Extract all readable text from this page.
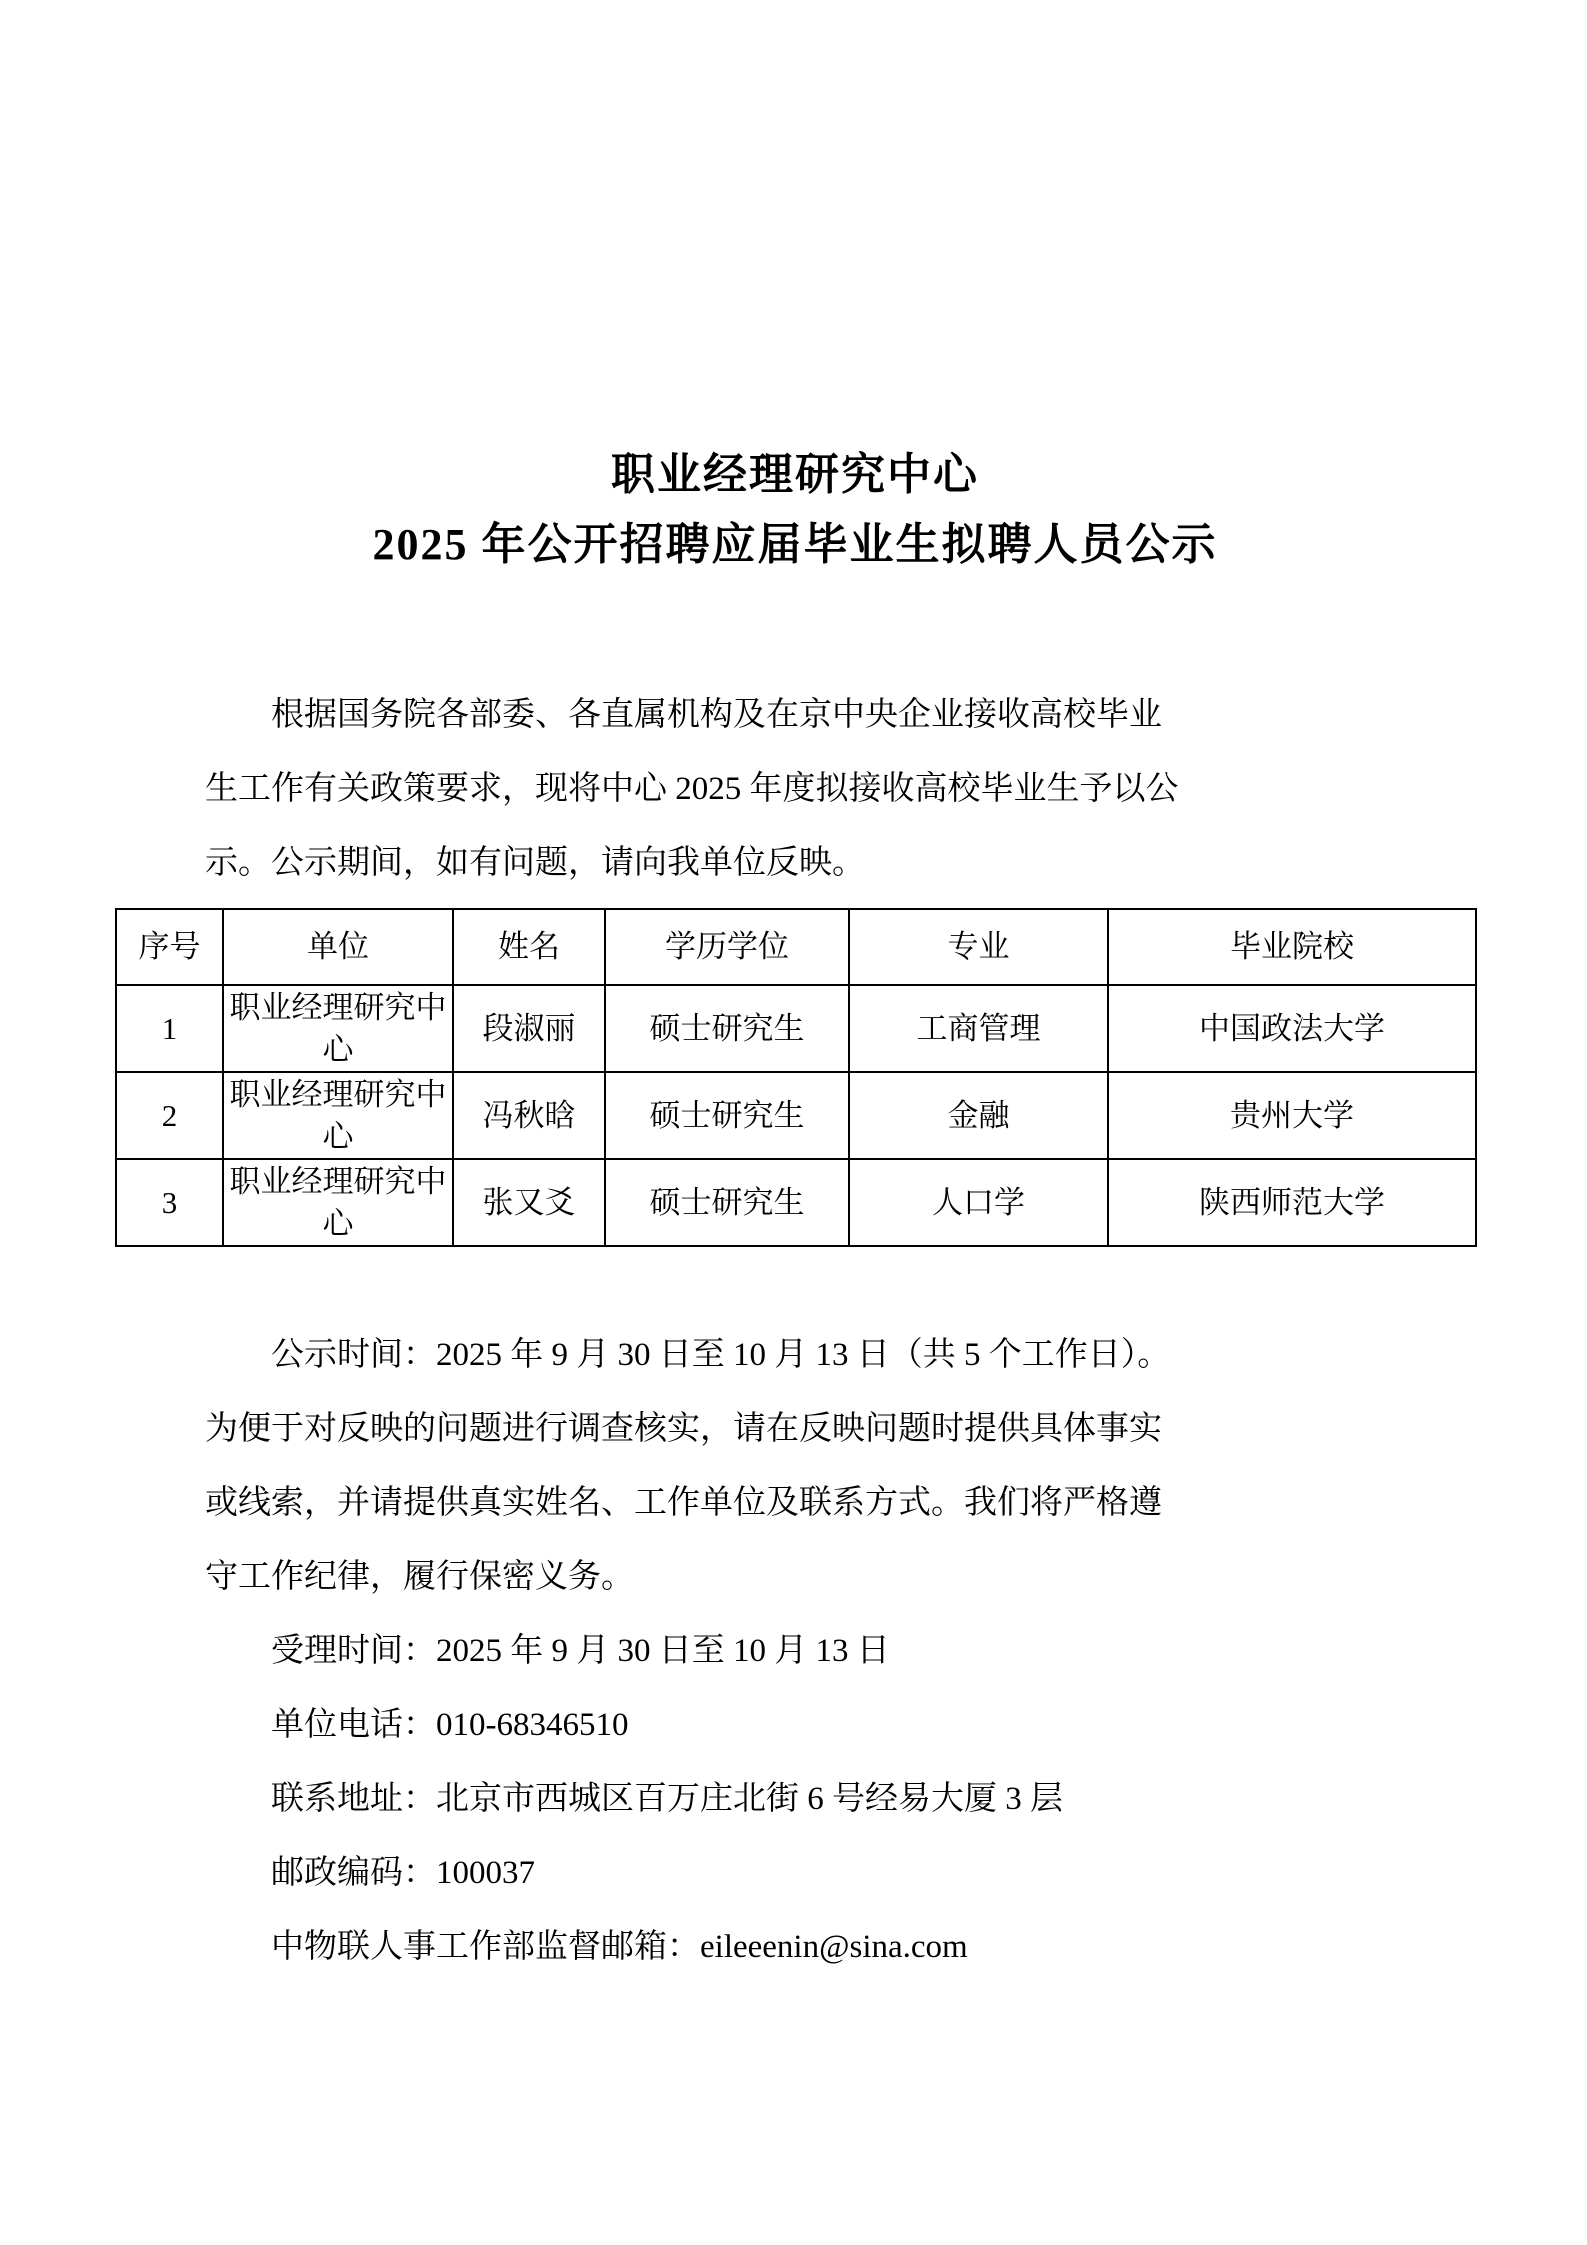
职业经理研究中心
2025 年公开招聘应届毕业生拟聘人员公示

根据国务院各部委、各直属机构及在京中央企业接收高校毕业

生工作有关政策要求，现将中心 2025 年度拟接收高校毕业生予以公

示。公示期间，如有问题，请向我单位反映。

序号	单位	姓名	学历学位	专业	毕业院校
1	职业经理研究中心	段淑丽	硕士研究生	工商管理	中国政法大学
2	职业经理研究中心	冯秋晗	硕士研究生	金融	贵州大学
3	职业经理研究中心	张又爻	硕士研究生	人口学	陕西师范大学

公示时间：2025 年 9 月 30 日至 10 月 13 日（共 5 个工作日）。

为便于对反映的问题进行调查核实，请在反映问题时提供具体事实

或线索，并请提供真实姓名、工作单位及联系方式。我们将严格遵

守工作纪律，履行保密义务。

受理时间：2025 年 9 月 30 日至 10 月 13 日

单位电话：010-68346510

联系地址：北京市西城区百万庄北街 6 号经易大厦 3 层

邮政编码：100037

中物联人事工作部监督邮箱：eileeenin@sina.com
